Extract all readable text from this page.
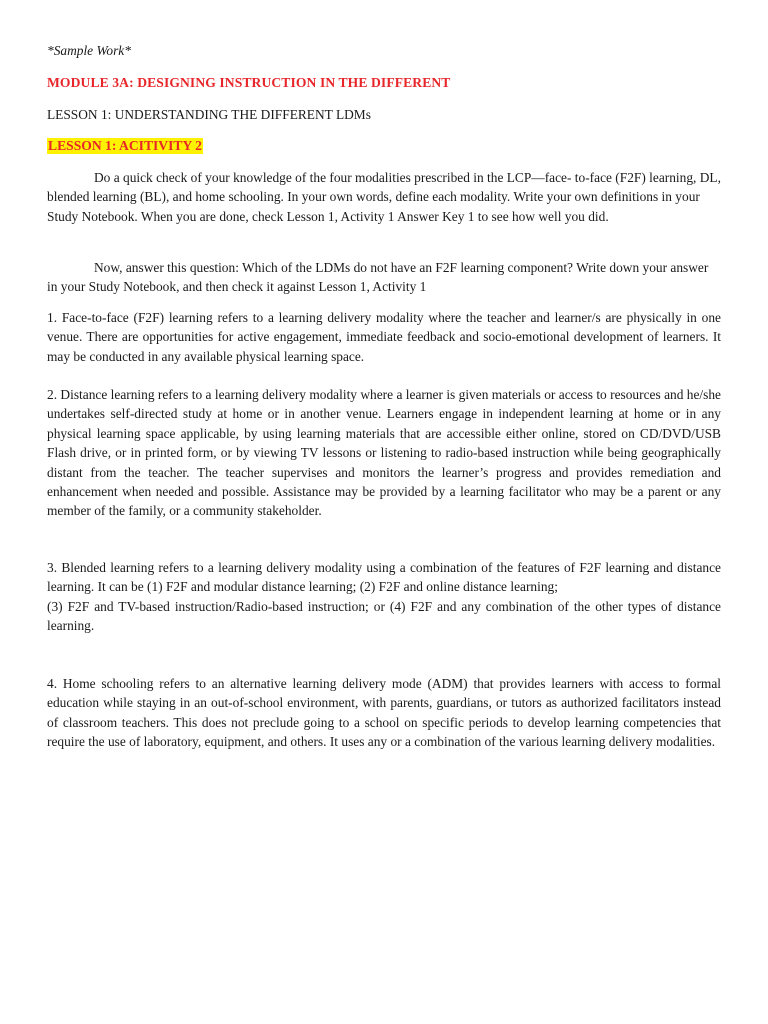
*Sample Work*
MODULE 3A: DESIGNING INSTRUCTION IN THE DIFFERENT
LESSON 1: UNDERSTANDING THE DIFFERENT LDMs
LESSON 1: ACITIVITY 2

Do a quick check of your knowledge of the four modalities prescribed in the LCP—face- to-face (F2F) learning, DL, blended learning (BL), and home schooling. In your own words, define each modality. Write your own definitions in your Study Notebook. When you are done, check Lesson 1, Activity 1 Answer Key 1 to see how well you did.

Now, answer this question: Which of the LDMs do not have an F2F learning component? Write down your answer in your Study Notebook, and then check it against Lesson 1, Activity 1

1. Face-to-face (F2F) learning refers to a learning delivery modality where the teacher and learner/s are physically in one venue. There are opportunities for active engagement, immediate feedback and socio-emotional development of learners. It may be conducted in any available physical learning space.

2. Distance learning refers to a learning delivery modality where a learner is given materials or access to resources and he/she undertakes self-directed study at home or in another venue. Learners engage in independent learning at home or in any physical learning space applicable, by using learning materials that are accessible either online, stored on CD/DVD/USB Flash drive, or in printed form, or by viewing TV lessons or listening to radio-based instruction while being geographically distant from the teacher. The teacher supervises and monitors the learner’s progress and provides remediation and enhancement when needed and possible. Assistance may be provided by a learning facilitator who may be a parent or any member of the family, or a community stakeholder.

3. Blended learning refers to a learning delivery modality using a combination of the features of F2F learning and distance learning. It can be (1) F2F and modular distance learning; (2) F2F and online distance learning;
(3) F2F and TV-based instruction/Radio-based instruction; or (4) F2F and any combination of the other types of distance learning.

4. Home schooling refers to an alternative learning delivery mode (ADM) that provides learners with access to formal education while staying in an out-of-school environment, with parents, guardians, or tutors as authorized facilitators instead of classroom teachers. This does not preclude going to a school on specific periods to develop learning competencies that require the use of laboratory, equipment, and others. It uses any or a combination of the various learning delivery modalities.
